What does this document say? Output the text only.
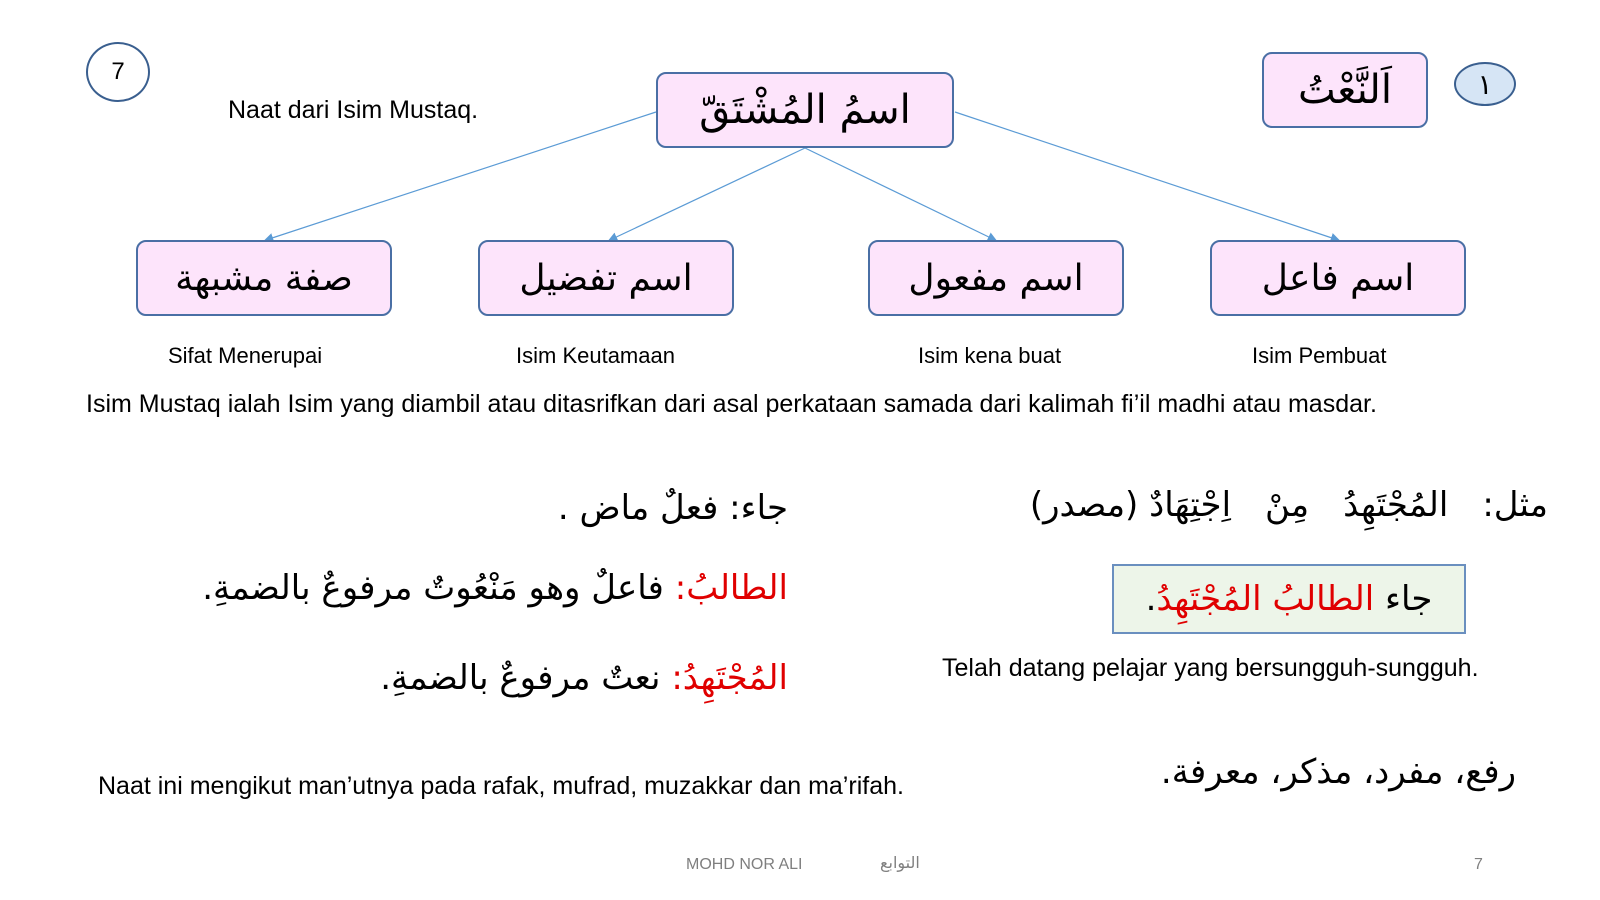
7	١
اَلنَّعْتُ
Naat dari Isim Mustaq.	اسمُ المُشْتَقّ
صفة مشبهة	اسم تفضيل	اسم مفعول	اسم فاعل
Sifat Menerupai	Isim Keutamaan	Isim kena buat	Isim Pembuat
Isim Mustaq ialah Isim yang diambil atau ditasrifkan dari asal perkataan samada dari kalimah fi’il madhi atau masdar.
مثل:
المُجْتَهِدُ
مِنْ
اِجْتِهَادٌ (مصدر)
جاء الطالبُ المُجْتَهِدُ.
Telah datang pelajar yang bersungguh-sungguh.
جاء: فعلٌ ماض .
الطالبُ: فاعلٌ وهو مَنْعُوتٌ مرفوعٌ بالضمةِ.
المُجْتَهِدُ: نعتٌ مرفوعٌ بالضمةِ.
رفع، مفرد، مذكر، معرفة.
Naat ini mengikut man’utnya pada rafak, mufrad, muzakkar dan ma’rifah.
MOHD NOR ALI	التوابع	7
